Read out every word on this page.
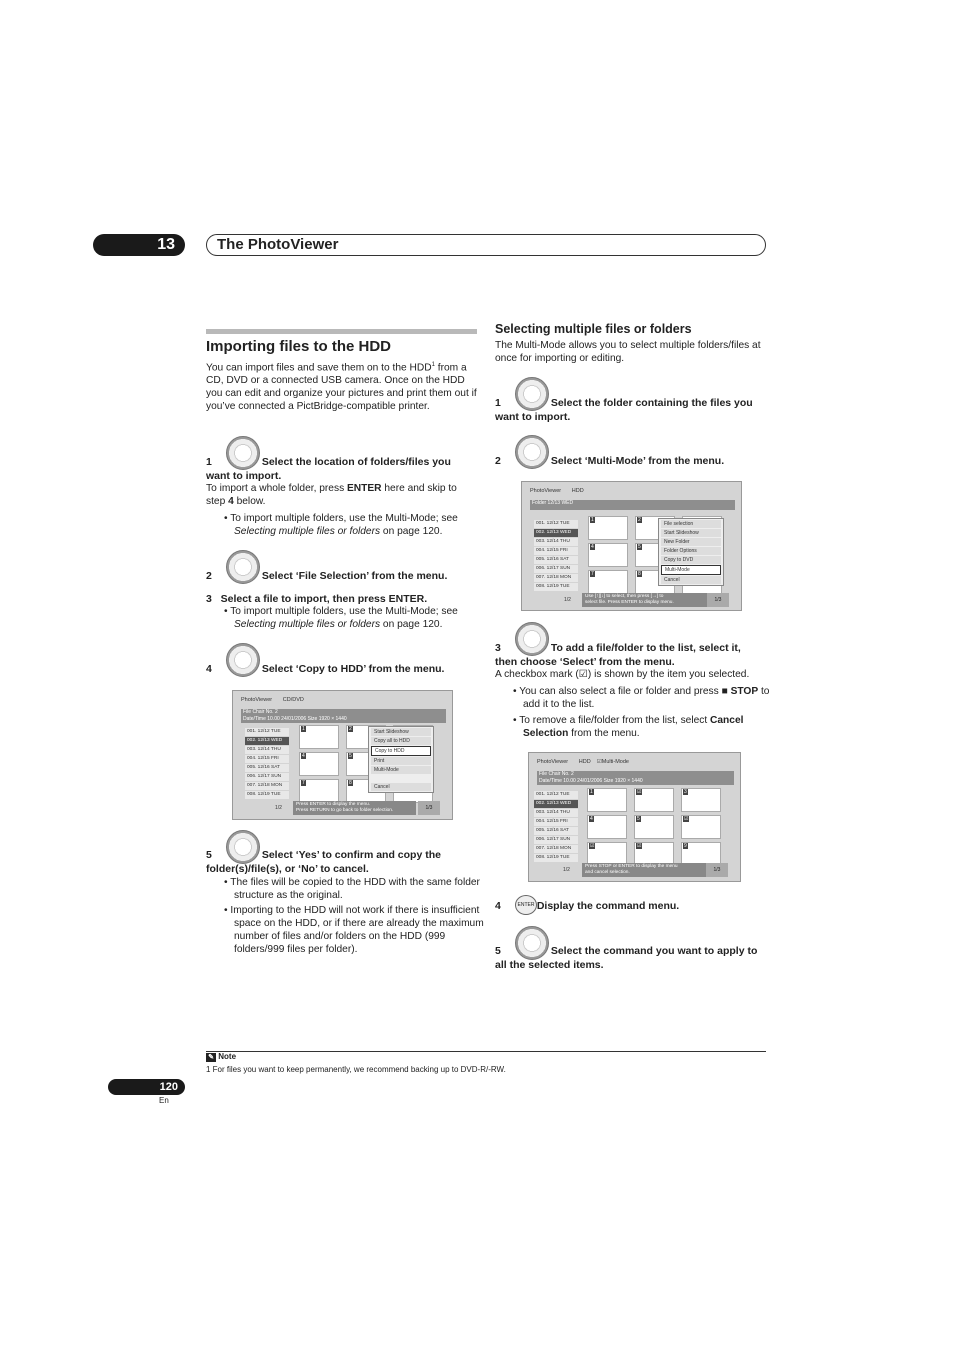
13	The PhotoViewer
Importing files to the HDD

You can import files and save them on to the HDD$^1$ from a CD, DVD or a connected USB camera. Once on the HDD you can edit and organize your pictures and print them out if you’ve connected a PictBridge-compatible printer.

1	Select the location of folders/files you
want to import.

To import a whole folder, press ENTER here and skip to step 4 below.

• To import multiple folders, use the Multi-Mode; see Selecting multiple files or folders on page 120.

2	Select ‘File Selection’ from the menu.
3 Select a file to import, then press ENTER.

• To import multiple folders, use the Multi-Mode; see Selecting multiple files or folders on page 120.

4	Select ‘Copy to HDD’ from the menu.
PhotoViewer CD/DVD
File Chair No. 2
Date/Time 10.00 24/01/2006 Size 1920 × 1440
001. 12/12 TUE
002. 12/13 WED
003. 12/14 THU
004. 12/15 FRI
005. 12/16 SAT
006. 12/17 SUN
007. 12/18 MON
008. 12/19 TUE
1/2
1	2
4	5
7	8
Start Slideshow
Copy all to HDD
Copy to HDD
Print
Multi-Mode
Cancel
Press ENTER to display the menu.
Press RETURN to go back to folder selection.	1/3
5	Select ‘Yes’ to confirm and copy the
folder(s)/file(s), or ‘No’ to cancel.

• The files will be copied to the HDD with the same folder structure as the original.

• Importing to the HDD will not work if there is insufficient space on the HDD, or if there are already the maximum number of files and/or folders on the HDD (999 folders/999 files per folder).

Selecting multiple files or folders

The Multi-Mode allows you to select multiple folders/files at once for importing or editing.

1	Select the folder containing the files you
want to import.
2	Select ‘Multi-Mode’ from the menu.
PhotoViewer HDD
Folder 12/13 WED
001. 12/12 TUE
002. 12/13 WED
003. 12/14 THU
004. 12/15 FRI
005. 12/16 SAT
006. 12/17 SUN
007. 12/18 MON
008. 12/19 TUE
1/2
1	2
4	5
7	8
File selection
Start Slideshow
New Folder
Folder Options
Copy to DVD
Multi-Mode
Cancel
Use [↑][↓] to select, then press [→] to
select file. Press ENTER to display menu.	1/3
3	To add a file/folder to the list, select it,
then choose ‘Select’ from the menu.

A checkbox mark (☑) is shown by the item you selected.

• You can also select a file or folder and press ■ STOP to add it to the list.

• To remove a file/folder from the list, select Cancel Selection from the menu.

PhotoViewer HDD ☑Multi-Mode
File Chair No. 2
Date/Time 10.00 24/01/2006 Size 1920 × 1440
001. 12/12 TUE
002. 12/13 WED
003. 12/14 THU
004. 12/15 FRI
005. 12/16 SAT
006. 12/17 SUN
007. 12/18 MON
008. 12/19 TUE
1/2
1	☑	3
4	5	☑
☑	☑	9
Press STOP or ENTER to display the menu
and cancel selection.	1/3
ENTER
4	Display the command menu.
5	Select the command you want to apply to
all the selected items.
✎ Note
1 For files you want to keep permanently, we recommend backing up to DVD-R/-RW.
120
En
